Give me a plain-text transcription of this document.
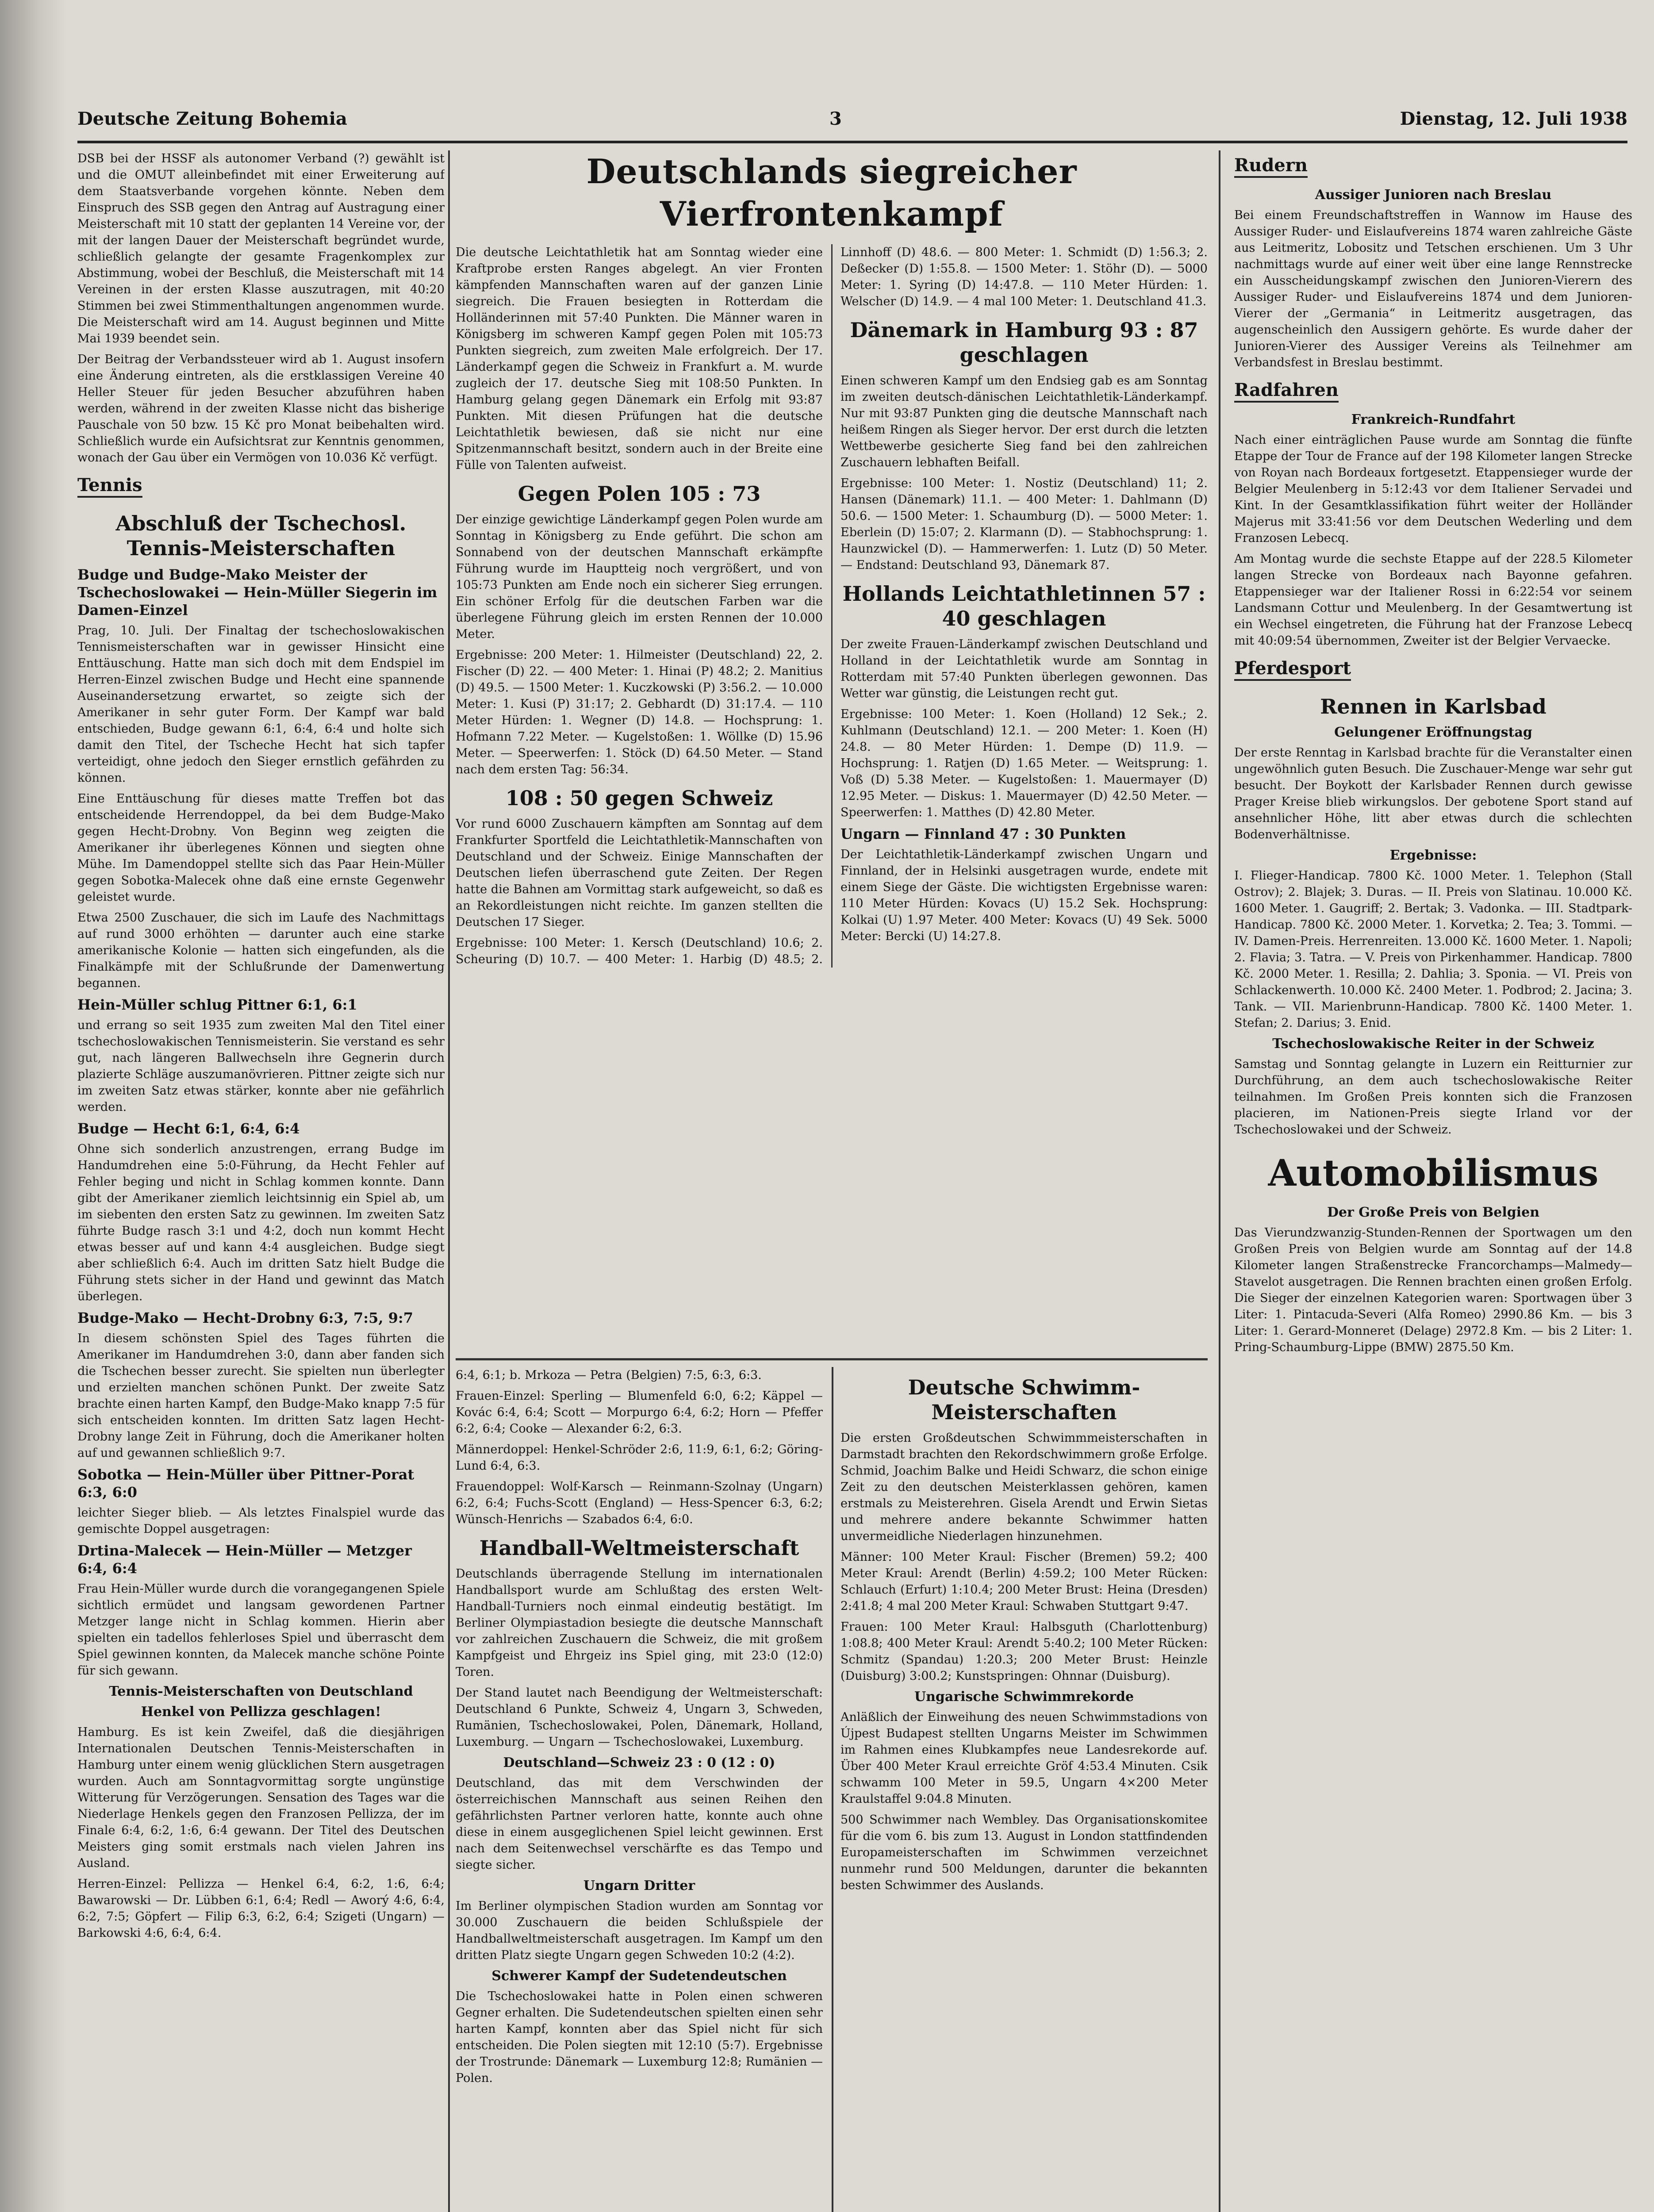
Deutsche Zeitung Bohemia	3	Dienstag, 12. Juli 1938

DSB bei der HSSF als autonomer Verband (?) gewählt ist und die OMUT alleinbefindet mit einer Erweiterung auf dem Staatsverbande vorgehen könnte. Neben dem Einspruch des SSB gegen den Antrag auf Austragung einer Meisterschaft mit 10 statt der geplanten 14 Vereine vor, der mit der langen Dauer der Meisterschaft begründet wurde, schließlich gelangte der gesamte Fragenkomplex zur Abstimmung, wobei der Beschluß, die Meisterschaft mit 14 Vereinen in der ersten Klasse auszutragen, mit 40:20 Stimmen bei zwei Stimmenthaltungen angenommen wurde. Die Meisterschaft wird am 14. August beginnen und Mitte Mai 1939 beendet sein.

Der Beitrag der Verbandssteuer wird ab 1. August insofern eine Änderung eintreten, als die erstklassigen Vereine 40 Heller Steuer für jeden Besucher abzuführen haben werden, während in der zweiten Klasse nicht das bisherige Pauschale von 50 bzw. 15 Kč pro Monat beibehalten wird. Schließlich wurde ein Aufsichtsrat zur Kenntnis genommen, wonach der Gau über ein Vermögen von 10.036 Kč verfügt.

Tennis
Abschluß der Tschechosl. Tennis-Meisterschaften
Budge und Budge-Mako Meister der Tschechoslowakei — Hein-Müller Siegerin im Damen-Einzel

Prag, 10. Juli. Der Finaltag der tschechoslowakischen Tennismeisterschaften war in gewisser Hinsicht eine Enttäuschung. Hatte man sich doch mit dem Endspiel im Herren-Einzel zwischen Budge und Hecht eine spannende Auseinandersetzung erwartet, so zeigte sich der Amerikaner in sehr guter Form. Der Kampf war bald entschieden, Budge gewann 6:1, 6:4, 6:4 und holte sich damit den Titel, der Tscheche Hecht hat sich tapfer verteidigt, ohne jedoch den Sieger ernstlich gefährden zu können.

Eine Enttäuschung für dieses matte Treffen bot das entscheidende Herrendoppel, da bei dem Budge-Mako gegen Hecht-Drobny. Von Beginn weg zeigten die Amerikaner ihr überlegenes Können und siegten ohne Mühe. Im Damendoppel stellte sich das Paar Hein-Müller gegen Sobotka-Malecek ohne daß eine ernste Gegenwehr geleistet wurde.

Etwa 2500 Zuschauer, die sich im Laufe des Nachmittags auf rund 3000 erhöhten — darunter auch eine starke amerikanische Kolonie — hatten sich eingefunden, als die Finalkämpfe mit der Schlußrunde der Damenwertung begannen.

Hein-Müller schlug Pittner 6:1, 6:1

und errang so seit 1935 zum zweiten Mal den Titel einer tschechoslowakischen Tennismeisterin. Sie verstand es sehr gut, nach längeren Ballwechseln ihre Gegnerin durch plazierte Schläge auszumanövrieren. Pittner zeigte sich nur im zweiten Satz etwas stärker, konnte aber nie gefährlich werden.

Budge — Hecht 6:1, 6:4, 6:4

Ohne sich sonderlich anzustrengen, errang Budge im Handumdrehen eine 5:0-Führung, da Hecht Fehler auf Fehler beging und nicht in Schlag kommen konnte. Dann gibt der Amerikaner ziemlich leichtsinnig ein Spiel ab, um im siebenten den ersten Satz zu gewinnen. Im zweiten Satz führte Budge rasch 3:1 und 4:2, doch nun kommt Hecht etwas besser auf und kann 4:4 ausgleichen. Budge siegt aber schließlich 6:4. Auch im dritten Satz hielt Budge die Führung stets sicher in der Hand und gewinnt das Match überlegen.

Budge-Mako — Hecht-Drobny 6:3, 7:5, 9:7

In diesem schönsten Spiel des Tages führten die Amerikaner im Handumdrehen 3:0, dann aber fanden sich die Tschechen besser zurecht. Sie spielten nun überlegter und erzielten manchen schönen Punkt. Der zweite Satz brachte einen harten Kampf, den Budge-Mako knapp 7:5 für sich entscheiden konnten. Im dritten Satz lagen Hecht-Drobny lange Zeit in Führung, doch die Amerikaner holten auf und gewannen schließlich 9:7.

Sobotka — Hein-Müller über Pittner-Porat 6:3, 6:0

leichter Sieger blieb. — Als letztes Finalspiel wurde das gemischte Doppel ausgetragen:

Drtina-Malecek — Hein-Müller — Metzger 6:4, 6:4

Frau Hein-Müller wurde durch die vorangegangenen Spiele sichtlich ermüdet und langsam gewordenen Partner Metzger lange nicht in Schlag kommen. Hierin aber spielten ein tadellos fehlerloses Spiel und überrascht dem Spiel gewinnen konnten, da Malecek manche schöne Pointe für sich gewann.

Tennis-Meisterschaften von Deutschland
Henkel von Pellizza geschlagen!

Hamburg. Es ist kein Zweifel, daß die diesjährigen Internationalen Deutschen Tennis-Meisterschaften in Hamburg unter einem wenig glücklichen Stern ausgetragen wurden. Auch am Sonntagvormittag sorgte ungünstige Witterung für Verzögerungen. Sensation des Tages war die Niederlage Henkels gegen den Franzosen Pellizza, der im Finale 6:4, 6:2, 1:6, 6:4 gewann. Der Titel des Deutschen Meisters ging somit erstmals nach vielen Jahren ins Ausland.

Herren-Einzel: Pellizza — Henkel 6:4, 6:2, 1:6, 6:4; Bawarowski — Dr. Lübben 6:1, 6:4; Redl — Aworý 4:6, 6:4, 6:2, 7:5; Göpfert — Filip 6:3, 6:2, 6:4; Szigeti (Ungarn) — Barkowski 4:6, 6:4, 6:4.

Deutschlands siegreicher Vierfrontenkampf

Die deutsche Leichtathletik hat am Sonntag wieder eine Kraftprobe ersten Ranges abgelegt. An vier Fronten kämpfenden Mannschaften waren auf der ganzen Linie siegreich. Die Frauen besiegten in Rotterdam die Holländerinnen mit 57:40 Punkten. Die Männer waren in Königsberg im schweren Kampf gegen Polen mit 105:73 Punkten siegreich, zum zweiten Male erfolgreich. Der 17. Länderkampf gegen die Schweiz in Frankfurt a. M. wurde zugleich der 17. deutsche Sieg mit 108:50 Punkten. In Hamburg gelang gegen Dänemark ein Erfolg mit 93:87 Punkten. Mit diesen Prüfungen hat die deutsche Leichtathletik bewiesen, daß sie nicht nur eine Spitzenmannschaft besitzt, sondern auch in der Breite eine Fülle von Talenten aufweist.

Gegen Polen 105 : 73

Der einzige gewichtige Länderkampf gegen Polen wurde am Sonntag in Königsberg zu Ende geführt. Die schon am Sonnabend von der deutschen Mannschaft erkämpfte Führung wurde im Hauptteig noch vergrößert, und von 105:73 Punkten am Ende noch ein sicherer Sieg errungen. Ein schöner Erfolg für die deutschen Farben war die überlegene Führung gleich im ersten Rennen der 10.000 Meter.

Ergebnisse: 200 Meter: 1. Hilmeister (Deutschland) 22, 2. Fischer (D) 22. — 400 Meter: 1. Hinai (P) 48.2; 2. Manitius (D) 49.5. — 1500 Meter: 1. Kuczkowski (P) 3:56.2. — 10.000 Meter: 1. Kusi (P) 31:17; 2. Gebhardt (D) 31:17.4. — 110 Meter Hürden: 1. Wegner (D) 14.8. — Hochsprung: 1. Hofmann 7.22 Meter. — Kugelstoßen: 1. Wöllke (D) 15.96 Meter. — Speerwerfen: 1. Stöck (D) 64.50 Meter. — Stand nach dem ersten Tag: 56:34.

108 : 50 gegen Schweiz

Vor rund 6000 Zuschauern kämpften am Sonntag auf dem Frankfurter Sportfeld die Leichtathletik-Mannschaften von Deutschland und der Schweiz. Einige Mannschaften der Deutschen liefen überraschend gute Zeiten. Der Regen hatte die Bahnen am Vormittag stark aufgeweicht, so daß es an Rekordleistungen nicht reichte. Im ganzen stellten die Deutschen 17 Sieger.

Ergebnisse: 100 Meter: 1. Kersch (Deutschland) 10.6; 2. Scheuring (D) 10.7. — 400 Meter: 1. Harbig (D) 48.5; 2. Linnhoff (D) 48.6. — 800 Meter: 1. Schmidt (D) 1:56.3; 2. Deßecker (D) 1:55.8. — 1500 Meter: 1. Stöhr (D). — 5000 Meter: 1. Syring (D) 14:47.8. — 110 Meter Hürden: 1. Welscher (D) 14.9. — 4 mal 100 Meter: 1. Deutschland 41.3.

Dänemark in Hamburg 93 : 87 geschlagen

Einen schweren Kampf um den Endsieg gab es am Sonntag im zweiten deutsch-dänischen Leichtathletik-Länderkampf. Nur mit 93:87 Punkten ging die deutsche Mannschaft nach heißem Ringen als Sieger hervor. Der erst durch die letzten Wettbewerbe gesicherte Sieg fand bei den zahlreichen Zuschauern lebhaften Beifall.

Ergebnisse: 100 Meter: 1. Nostiz (Deutschland) 11; 2. Hansen (Dänemark) 11.1. — 400 Meter: 1. Dahlmann (D) 50.6. — 1500 Meter: 1. Schaumburg (D). — 5000 Meter: 1. Eberlein (D) 15:07; 2. Klarmann (D). — Stabhochsprung: 1. Haunzwickel (D). — Hammerwerfen: 1. Lutz (D) 50 Meter. — Endstand: Deutschland 93, Dänemark 87.

Hollands Leichtathletinnen 57 : 40 geschlagen

Der zweite Frauen-Länderkampf zwischen Deutschland und Holland in der Leichtathletik wurde am Sonntag in Rotterdam mit 57:40 Punkten überlegen gewonnen. Das Wetter war günstig, die Leistungen recht gut.

Ergebnisse: 100 Meter: 1. Koen (Holland) 12 Sek.; 2. Kuhlmann (Deutschland) 12.1. — 200 Meter: 1. Koen (H) 24.8. — 80 Meter Hürden: 1. Dempe (D) 11.9. — Hochsprung: 1. Ratjen (D) 1.65 Meter. — Weitsprung: 1. Voß (D) 5.38 Meter. — Kugelstoßen: 1. Mauermayer (D) 12.95 Meter. — Diskus: 1. Mauermayer (D) 42.50 Meter. — Speerwerfen: 1. Matthes (D) 42.80 Meter.

Ungarn — Finnland 47 : 30 Punkten

Der Leichtathletik-Länderkampf zwischen Ungarn und Finnland, der in Helsinki ausgetragen wurde, endete mit einem Siege der Gäste. Die wichtigsten Ergebnisse waren: 110 Meter Hürden: Kovacs (U) 15.2 Sek. Hochsprung: Kolkai (U) 1.97 Meter. 400 Meter: Kovacs (U) 49 Sek. 5000 Meter: Bercki (U) 14:27.8.

6:4, 6:1; b. Mrkoza — Petra (Belgien) 7:5, 6:3, 6:3.

Frauen-Einzel: Sperling — Blumenfeld 6:0, 6:2; Käppel — Kovác 6:4, 6:4; Scott — Morpurgo 6:4, 6:2; Horn — Pfeffer 6:2, 6:4; Cooke — Alexander 6:2, 6:3.

Männerdoppel: Henkel-Schröder 2:6, 11:9, 6:1, 6:2; Göring-Lund 6:4, 6:3.

Frauendoppel: Wolf-Karsch — Reinmann-Szolnay (Ungarn) 6:2, 6:4; Fuchs-Scott (England) — Hess-Spencer 6:3, 6:2; Wünsch-Henrichs — Szabados 6:4, 6:0.

Handball-Weltmeisterschaft

Deutschlands überragende Stellung im internationalen Handballsport wurde am Schlußtag des ersten Welt-Handball-Turniers noch einmal eindeutig bestätigt. Im Berliner Olympiastadion besiegte die deutsche Mannschaft vor zahlreichen Zuschauern die Schweiz, die mit großem Kampfgeist und Ehrgeiz ins Spiel ging, mit 23:0 (12:0) Toren.

Der Stand lautet nach Beendigung der Weltmeisterschaft: Deutschland 6 Punkte, Schweiz 4, Ungarn 3, Schweden, Rumänien, Tschechoslowakei, Polen, Dänemark, Holland, Luxemburg. — Ungarn — Tschechoslowakei, Luxemburg.

Deutschland—Schweiz 23 : 0 (12 : 0)

Deutschland, das mit dem Verschwinden der österreichischen Mannschaft aus seinen Reihen den gefährlichsten Partner verloren hatte, konnte auch ohne diese in einem ausgeglichenen Spiel leicht gewinnen. Erst nach dem Seitenwechsel verschärfte es das Tempo und siegte sicher.

Ungarn Dritter

Im Berliner olympischen Stadion wurden am Sonntag vor 30.000 Zuschauern die beiden Schlußspiele der Handballweltmeisterschaft ausgetragen. Im Kampf um den dritten Platz siegte Ungarn gegen Schweden 10:2 (4:2).

Schwerer Kampf der Sudetendeutschen

Die Tschechoslowakei hatte in Polen einen schweren Gegner erhalten. Die Sudetendeutschen spielten einen sehr harten Kampf, konnten aber das Spiel nicht für sich entscheiden. Die Polen siegten mit 12:10 (5:7). Ergebnisse der Trostrunde: Dänemark — Luxemburg 12:8; Rumänien — Polen.

Deutsche Schwimm-Meisterschaften

Die ersten Großdeutschen Schwimmmeisterschaften in Darmstadt brachten den Rekordschwimmern große Erfolge. Schmid, Joachim Balke und Heidi Schwarz, die schon einige Zeit zu den deutschen Meisterklassen gehören, kamen erstmals zu Meisterehren. Gisela Arendt und Erwin Sietas und mehrere andere bekannte Schwimmer hatten unvermeidliche Niederlagen hinzunehmen.

Männer: 100 Meter Kraul: Fischer (Bremen) 59.2; 400 Meter Kraul: Arendt (Berlin) 4:59.2; 100 Meter Rücken: Schlauch (Erfurt) 1:10.4; 200 Meter Brust: Heina (Dresden) 2:41.8; 4 mal 200 Meter Kraul: Schwaben Stuttgart 9:47.

Frauen: 100 Meter Kraul: Halbsguth (Charlottenburg) 1:08.8; 400 Meter Kraul: Arendt 5:40.2; 100 Meter Rücken: Schmitz (Spandau) 1:20.3; 200 Meter Brust: Heinzle (Duisburg) 3:00.2; Kunstspringen: Ohnnar (Duisburg).

Ungarische Schwimmrekorde

Anläßlich der Einweihung des neuen Schwimmstadions von Újpest Budapest stellten Ungarns Meister im Schwimmen im Rahmen eines Klubkampfes neue Landesrekorde auf. Über 400 Meter Kraul erreichte Gröf 4:53.4 Minuten. Csik schwamm 100 Meter in 59.5, Ungarn 4×200 Meter Kraulstaffel 9:04.8 Minuten.

500 Schwimmer nach Wembley. Das Organisationskomitee für die vom 6. bis zum 13. August in London stattfindenden Europameisterschaften im Schwimmen verzeichnet nunmehr rund 500 Meldungen, darunter die bekannten besten Schwimmer des Auslands.

Rudern
Aussiger Junioren nach Breslau

Bei einem Freundschaftstreffen in Wannow im Hause des Aussiger Ruder- und Eislaufvereins 1874 waren zahlreiche Gäste aus Leitmeritz, Lobositz und Tetschen erschienen. Um 3 Uhr nachmittags wurde auf einer weit über eine lange Rennstrecke ein Ausscheidungskampf zwischen den Junioren-Vierern des Aussiger Ruder- und Eislaufvereins 1874 und dem Junioren-Vierer der „Germania“ in Leitmeritz ausgetragen, das augenscheinlich den Aussigern gehörte. Es wurde daher der Junioren-Vierer des Aussiger Vereins als Teilnehmer am Verbandsfest in Breslau bestimmt.

Radfahren
Frankreich-Rundfahrt

Nach einer einträglichen Pause wurde am Sonntag die fünfte Etappe der Tour de France auf der 198 Kilometer langen Strecke von Royan nach Bordeaux fortgesetzt. Etappensieger wurde der Belgier Meulenberg in 5:12:43 vor dem Italiener Servadei und Kint. In der Gesamtklassifikation führt weiter der Holländer Majerus mit 33:41:56 vor dem Deutschen Wederling und dem Franzosen Lebecq.

Am Montag wurde die sechste Etappe auf der 228.5 Kilometer langen Strecke von Bordeaux nach Bayonne gefahren. Etappensieger war der Italiener Rossi in 6:22:54 vor seinem Landsmann Cottur und Meulenberg. In der Gesamtwertung ist ein Wechsel eingetreten, die Führung hat der Franzose Lebecq mit 40:09:54 übernommen, Zweiter ist der Belgier Vervaecke.

Pferdesport
Rennen in Karlsbad
Gelungener Eröffnungstag

Der erste Renntag in Karlsbad brachte für die Veranstalter einen ungewöhnlich guten Besuch. Die Zuschauer-Menge war sehr gut besucht. Der Boykott der Karlsbader Rennen durch gewisse Prager Kreise blieb wirkungslos. Der gebotene Sport stand auf ansehnlicher Höhe, litt aber etwas durch die schlechten Bodenverhältnisse.

Ergebnisse:

I. Flieger-Handicap. 7800 Kč. 1000 Meter. 1. Telephon (Stall Ostrov); 2. Blajek; 3. Duras. — II. Preis von Slatinau. 10.000 Kč. 1600 Meter. 1. Gaugriff; 2. Bertak; 3. Vadonka. — III. Stadtpark-Handicap. 7800 Kč. 2000 Meter. 1. Korvetka; 2. Tea; 3. Tommi. — IV. Damen-Preis. Herrenreiten. 13.000 Kč. 1600 Meter. 1. Napoli; 2. Flavia; 3. Tatra. — V. Preis von Pirkenhammer. Handicap. 7800 Kč. 2000 Meter. 1. Resilla; 2. Dahlia; 3. Sponia. — VI. Preis von Schlackenwerth. 10.000 Kč. 2400 Meter. 1. Podbrod; 2. Jacina; 3. Tank. — VII. Marienbrunn-Handicap. 7800 Kč. 1400 Meter. 1. Stefan; 2. Darius; 3. Enid.

Tschechoslowakische Reiter in der Schweiz

Samstag und Sonntag gelangte in Luzern ein Reitturnier zur Durchführung, an dem auch tschechoslowakische Reiter teilnahmen. Im Großen Preis konnten sich die Franzosen placieren, im Nationen-Preis siegte Irland vor der Tschechoslowakei und der Schweiz.

Automobilismus
Der Große Preis von Belgien

Das Vierundzwanzig-Stunden-Rennen der Sportwagen um den Großen Preis von Belgien wurde am Sonntag auf der 14.8 Kilometer langen Straßenstrecke Francorchamps—Malmedy—Stavelot ausgetragen. Die Rennen brachten einen großen Erfolg. Die Sieger der einzelnen Kategorien waren: Sportwagen über 3 Liter: 1. Pintacuda-Severi (Alfa Romeo) 2990.86 Km. — bis 3 Liter: 1. Gerard-Monneret (Delage) 2972.8 Km. — bis 2 Liter: 1. Pring-Schaumburg-Lippe (BMW) 2875.50 Km.
